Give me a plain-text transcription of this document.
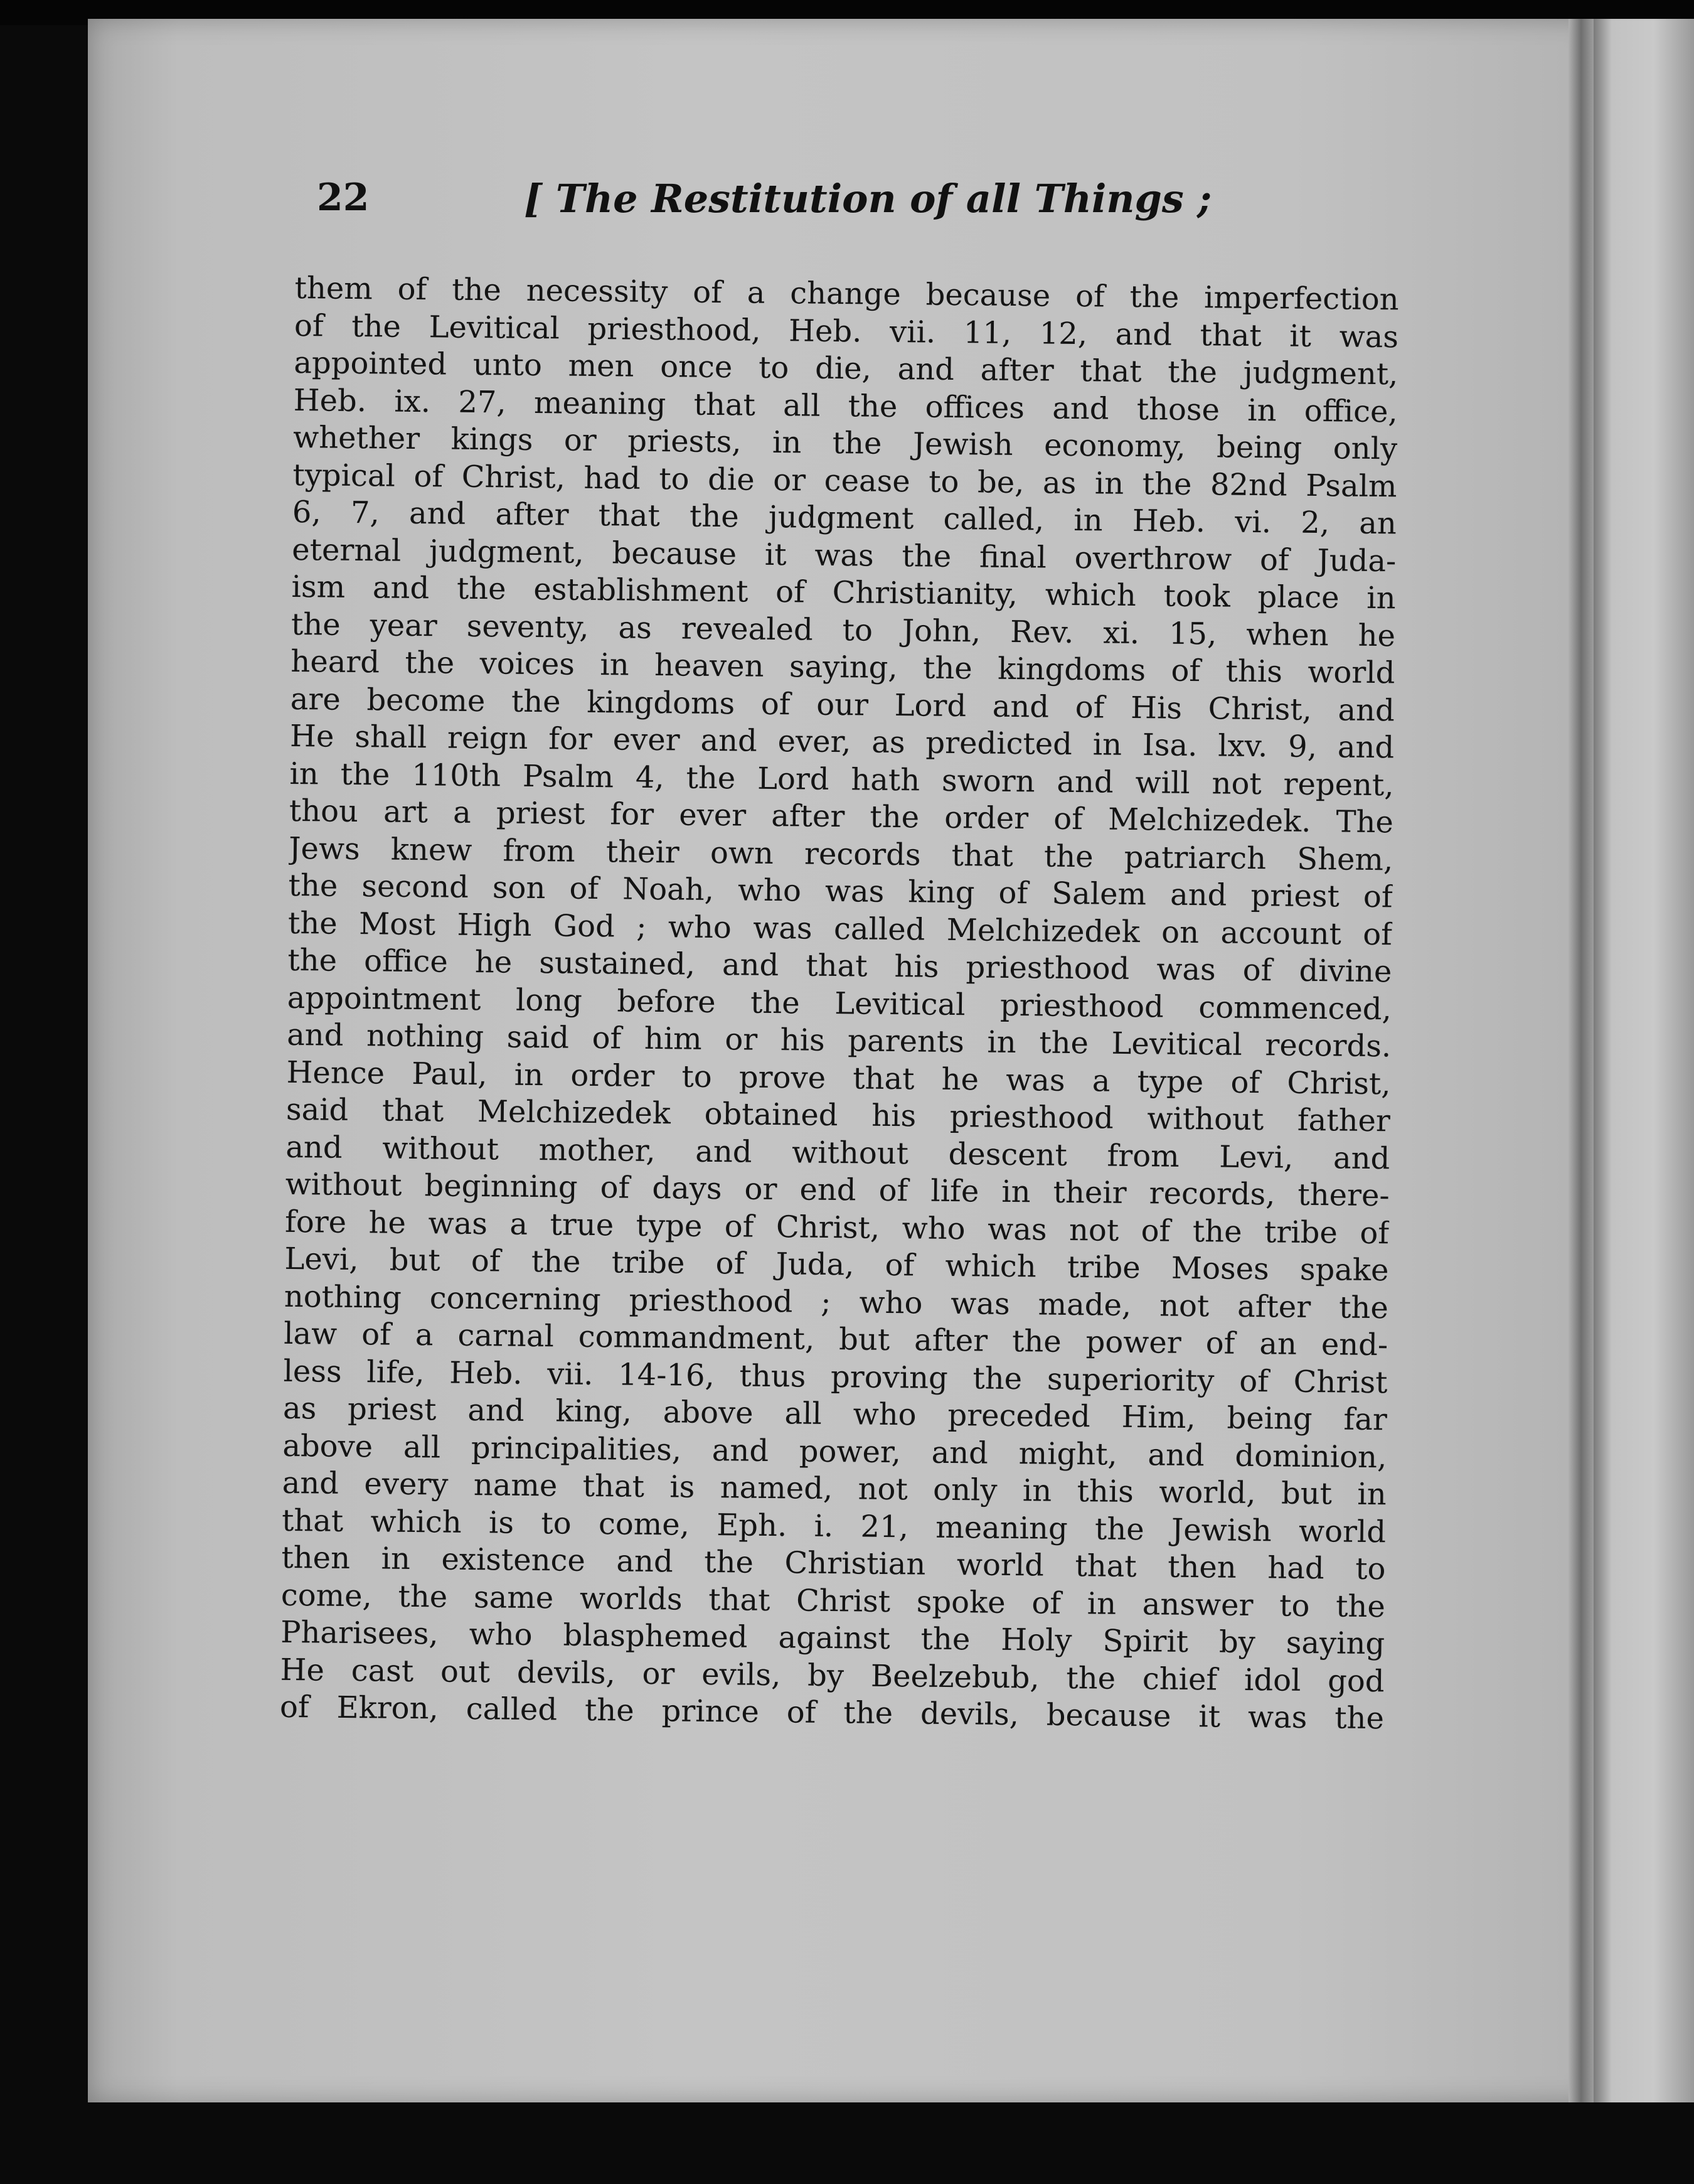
22	[ The Restitution of all Things ;
them of the necessity of a change because of the imperfection
of the Levitical priesthood, Heb. vii. 11, 12, and that it was
appointed unto men once to die, and after that the judgment,
Heb. ix. 27, meaning that all the offices and those in office,
whether kings or priests, in the Jewish economy, being only
typical of Christ, had to die or cease to be, as in the 82nd Psalm
6, 7, and after that the judgment called, in Heb. vi. 2, an
eternal judgment, because it was the final overthrow of Juda-
ism and the establishment of Christianity, which took place in
the year seventy, as revealed to John, Rev. xi. 15, when he
heard the voices in heaven saying, the kingdoms of this world
are become the kingdoms of our Lord and of His Christ, and
He shall reign for ever and ever, as predicted in Isa. lxv. 9, and
in the 110th Psalm 4, the Lord hath sworn and will not repent,
thou art a priest for ever after the order of Melchizedek. The
Jews knew from their own records that the patriarch Shem,
the second son of Noah, who was king of Salem and priest of
the Most High God ; who was called Melchizedek on account of
the office he sustained, and that his priesthood was of divine
appointment long before the Levitical priesthood commenced,
and nothing said of him or his parents in the Levitical records.
Hence Paul, in order to prove that he was a type of Christ,
said that Melchizedek obtained his priesthood without father
and without mother, and without descent from Levi, and
without beginning of days or end of life in their records, there-
fore he was a true type of Christ, who was not of the tribe of
Levi, but of the tribe of Juda, of which tribe Moses spake
nothing concerning priesthood ; who was made, not after the
law of a carnal commandment, but after the power of an end-
less life, Heb. vii. 14-16, thus proving the superiority of Christ
as priest and king, above all who preceded Him, being far
above all principalities, and power, and might, and dominion,
and every name that is named, not only in this world, but in
that which is to come, Eph. i. 21, meaning the Jewish world
then in existence and the Christian world that then had to
come, the same worlds that Christ spoke of in answer to the
Pharisees, who blasphemed against the Holy Spirit by saying
He cast out devils, or evils, by Beelzebub, the chief idol god
of Ekron, called the prince of the devils, because it was the
